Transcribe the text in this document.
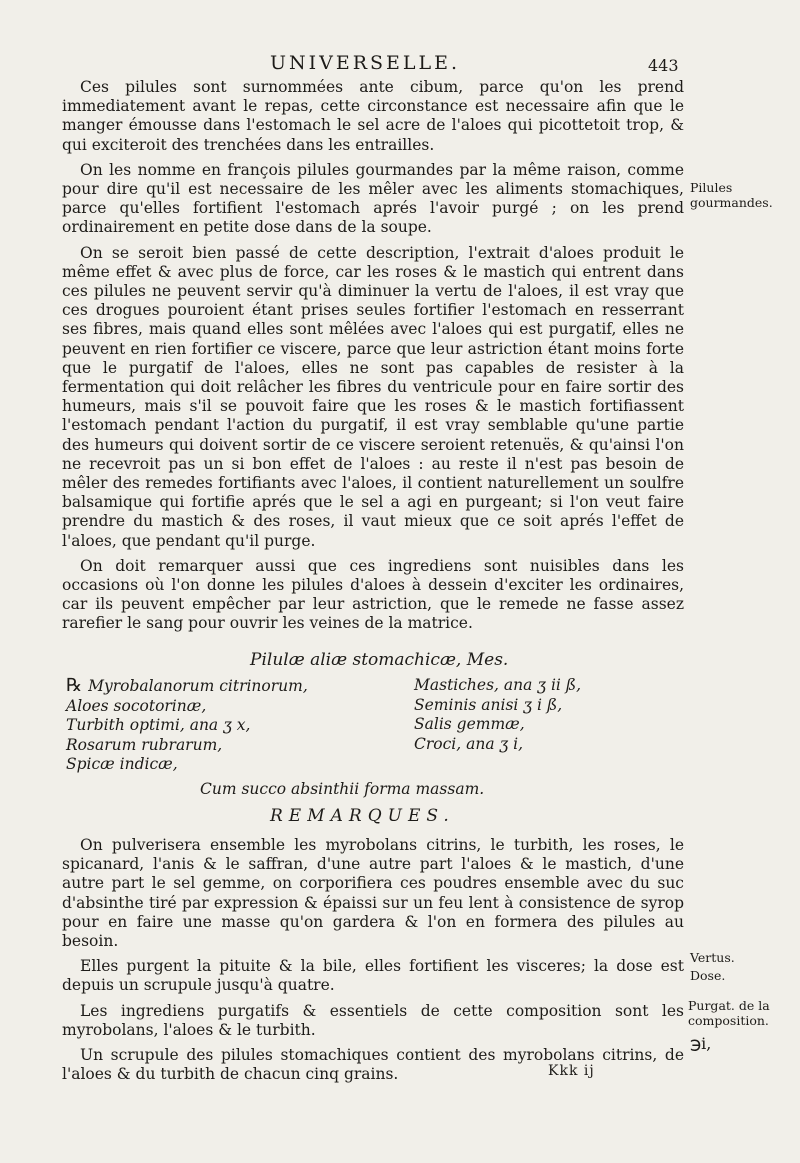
UNIVERSELLE.	443

Ces pilules sont surnommées ante cibum, parce qu'on les prend immediatement avant le repas, cette circonstance est necessaire afin que le manger émousse dans l'estomach le sel acre de l'aloes qui picottetoit trop, & qui exciteroit des trenchées dans les entrailles.

On les nomme en françois pilules gourmandes par la même raison, comme pour dire qu'il est necessaire de les mêler avec les aliments stomachiques, parce qu'elles fortifient l'estomach aprés l'avoir purgé ; on les prend ordinairement en petite dose dans de la soupe.

On se seroit bien passé de cette description, l'extrait d'aloes produit le même effet & avec plus de force, car les roses & le mastich qui entrent dans ces pilules ne peuvent servir qu'à diminuer la vertu de l'aloes, il est vray que ces drogues pouroient étant prises seules fortifier l'estomach en resserrant ses fibres, mais quand elles sont mêlées avec l'aloes qui est purgatif, elles ne peuvent en rien fortifier ce viscere, parce que leur astriction étant moins forte que le purgatif de l'aloes, elles ne sont pas capables de resister à la fermentation qui doit relâcher les fibres du ventricule pour en faire sortir des humeurs, mais s'il se pouvoit faire que les roses & le mastich fortifiassent l'estomach pendant l'action du purgatif, il est vray semblable qu'une partie des humeurs qui doivent sortir de ce viscere seroient retenuës, & qu'ainsi l'on ne recevroit pas un si bon effet de l'aloes : au reste il n'est pas besoin de mêler des remedes fortifiants avec l'aloes, il contient naturellement un soulfre balsamique qui fortifie aprés que le sel a agi en purgeant; si l'on veut faire prendre du mastich & des roses, il vaut mieux que ce soit aprés l'effet de l'aloes, que pendant qu'il purge.

On doit remarquer aussi que ces ingrediens sont nuisibles dans les occasions où l'on donne les pilules d'aloes à dessein d'exciter les ordinaires, car ils peuvent empêcher par leur astriction, que le remede ne fasse assez rarefier le sang pour ouvrir les veines de la matrice.

Pilules gourmandes.
Pilulæ aliæ stomachicæ, Mes.
℞ Myrobalanorum citrinorum,
Aloes socotorinæ,
Turbith optimi, ana ʒ x,
Rosarum rubrarum,
Spicæ indicæ,
Mastiches, ana ʒ ii ß,
Seminis anisi ʒ i ß,
Salis gemmæ,
Croci, ana ʒ i,
Cum succo absinthii forma massam.
REMARQUES.

On pulverisera ensemble les myrobolans citrins, le turbith, les roses, le spicanard, l'anis & le saffran, d'une autre part l'aloes & le mastich, d'une autre part le sel gemme, on corporifiera ces poudres ensemble avec du suc d'absinthe tiré par expression & épaissi sur un feu lent à consistence de syrop pour en faire une masse qu'on gardera & l'on en formera des pilules au besoin.

Elles purgent la pituite & la bile, elles fortifient les visceres; la dose est depuis un scrupule jusqu'à quatre.

Les ingrediens purgatifs & essentiels de cette composition sont les myrobolans, l'aloes & le turbith.

Un scrupule des pilules stomachiques contient des myrobolans citrins, de l'aloes & du turbith de chacun cinq grains.

Vertus.
Dose.
Purgat. de la composition.
℈i,
Kkk ij
